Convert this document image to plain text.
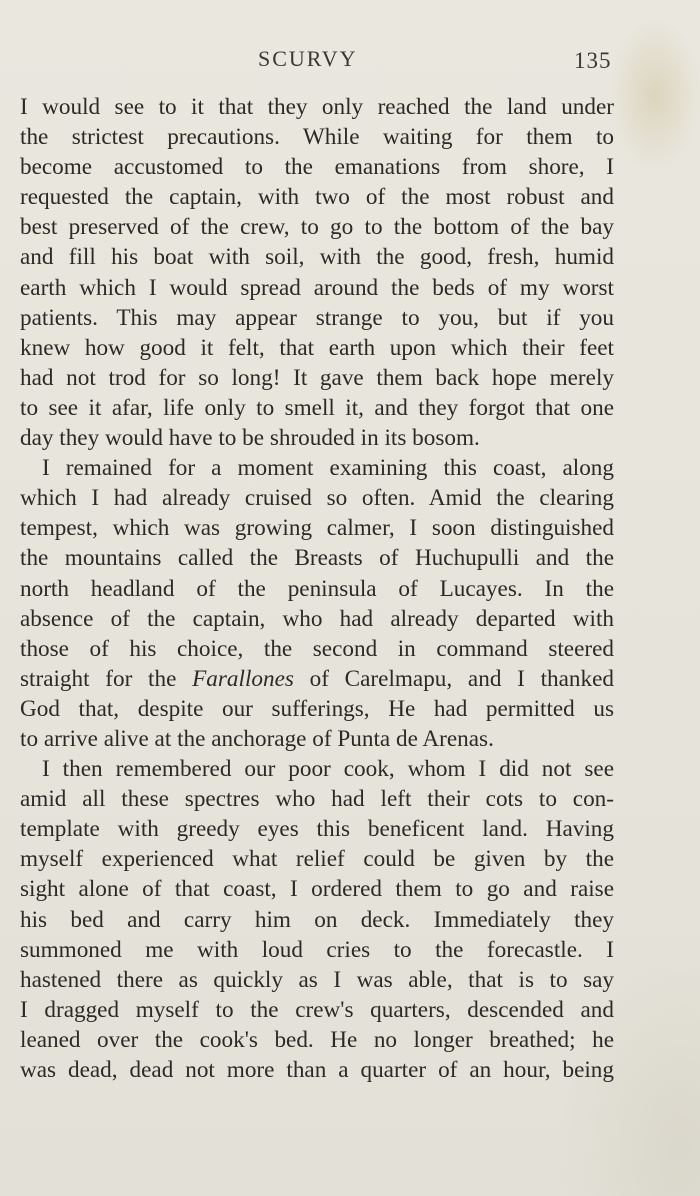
SCURVY	135
I would see to it that they only reached the land under
the strictest precautions. While waiting for them to
become accustomed to the emanations from shore, I
requested the captain, with two of the most robust and
best preserved of the crew, to go to the bottom of the bay
and fill his boat with soil, with the good, fresh, humid
earth which I would spread around the beds of my worst
patients. This may appear strange to you, but if you
knew how good it felt, that earth upon which their feet
had not trod for so long! It gave them back hope merely
to see it afar, life only to smell it, and they forgot that one
day they would have to be shrouded in its bosom.
I remained for a moment examining this coast, along
which I had already cruised so often. Amid the clearing
tempest, which was growing calmer, I soon distinguished
the mountains called the Breasts of Huchupulli and the
north headland of the peninsula of Lucayes. In the
absence of the captain, who had already departed with
those of his choice, the second in command steered
straight for the Farallones of Carelmapu, and I thanked
God that, despite our sufferings, He had permitted us
to arrive alive at the anchorage of Punta de Arenas.
I then remembered our poor cook, whom I did not see
amid all these spectres who had left their cots to con-
template with greedy eyes this beneficent land. Having
myself experienced what relief could be given by the
sight alone of that coast, I ordered them to go and raise
his bed and carry him on deck. Immediately they
summoned me with loud cries to the forecastle. I
hastened there as quickly as I was able, that is to say
I dragged myself to the crew's quarters, descended and
leaned over the cook's bed. He no longer breathed; he
was dead, dead not more than a quarter of an hour, being
